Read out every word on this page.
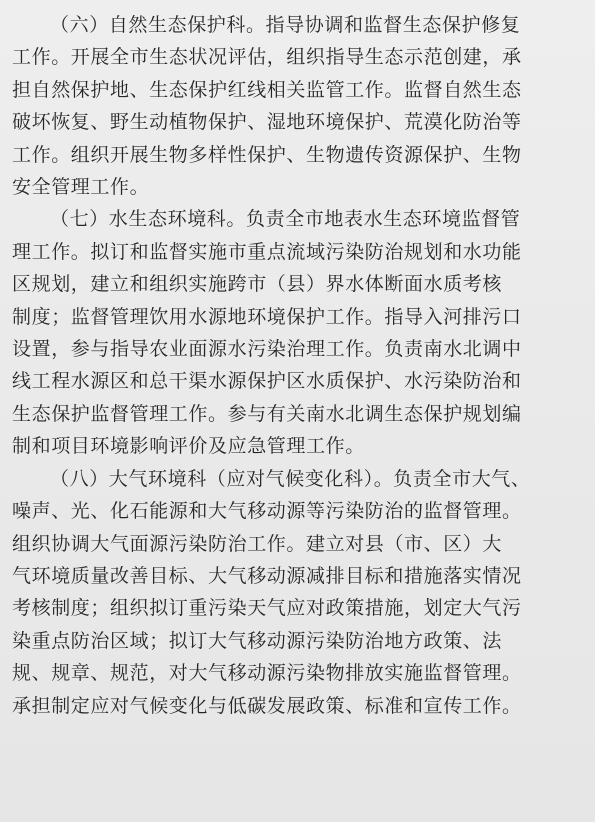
（六）自然生态保护科。指导协调和监督生态保护修复
工作。开展全市生态状况评估，组织指导生态示范创建，承
担自然保护地、生态保护红线相关监管工作。监督自然生态
破坏恢复、野生动植物保护、湿地环境保护、荒漠化防治等
工作。组织开展生物多样性保护、生物遗传资源保护、生物
安全管理工作。

（七）水生态环境科。负责全市地表水生态环境监督管
理工作。拟订和监督实施市重点流域污染防治规划和水功能
区规划，建立和组织实施跨市（县）界水体断面水质考核
制度；监督管理饮用水源地环境保护工作。指导入河排污口
设置，参与指导农业面源水污染治理工作。负责南水北调中
线工程水源区和总干渠水源保护区水质保护、水污染防治和
生态保护监督管理工作。参与有关南水北调生态保护规划编
制和项目环境影响评价及应急管理工作。

（八）大气环境科（应对气候变化科）。负责全市大气、
噪声、光、化石能源和大气移动源等污染防治的监督管理。
组织协调大气面源污染防治工作。建立对县（市、区）大
气环境质量改善目标、大气移动源减排目标和措施落实情况
考核制度；组织拟订重污染天气应对政策措施，划定大气污
染重点防治区域；拟订大气移动源污染防治地方政策、法
规、规章、规范，对大气移动源污染物排放实施监督管理。
承担制定应对气候变化与低碳发展政策、标准和宣传工作。
